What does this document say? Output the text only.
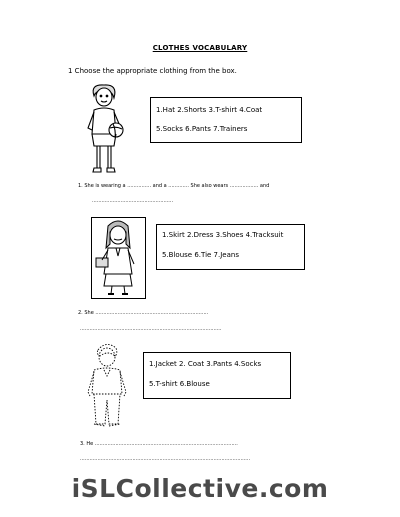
CLOTHES VOCABULARY
1 Choose the appropriate clothing from the box.
1.Hat 2.Shorts 3.T-shirt 4.Coat
5.Socks 6.Pants 7.Trainers
1. She is wearing a ............... and a ............. She also wears .................. and
...................................................
1.Skirt 2.Dress 3.Shoes 4.Tracksuit
5.Blouse 6.Tie 7.Jeans
2. She .......................................................................
.........................................................................................
1.Jacket 2. Coat 3.Pants 4.Socks
5.T-shirt 6.Blouse
3. He ..........................................................................................
...........................................................................................................
iSLCollective.com
